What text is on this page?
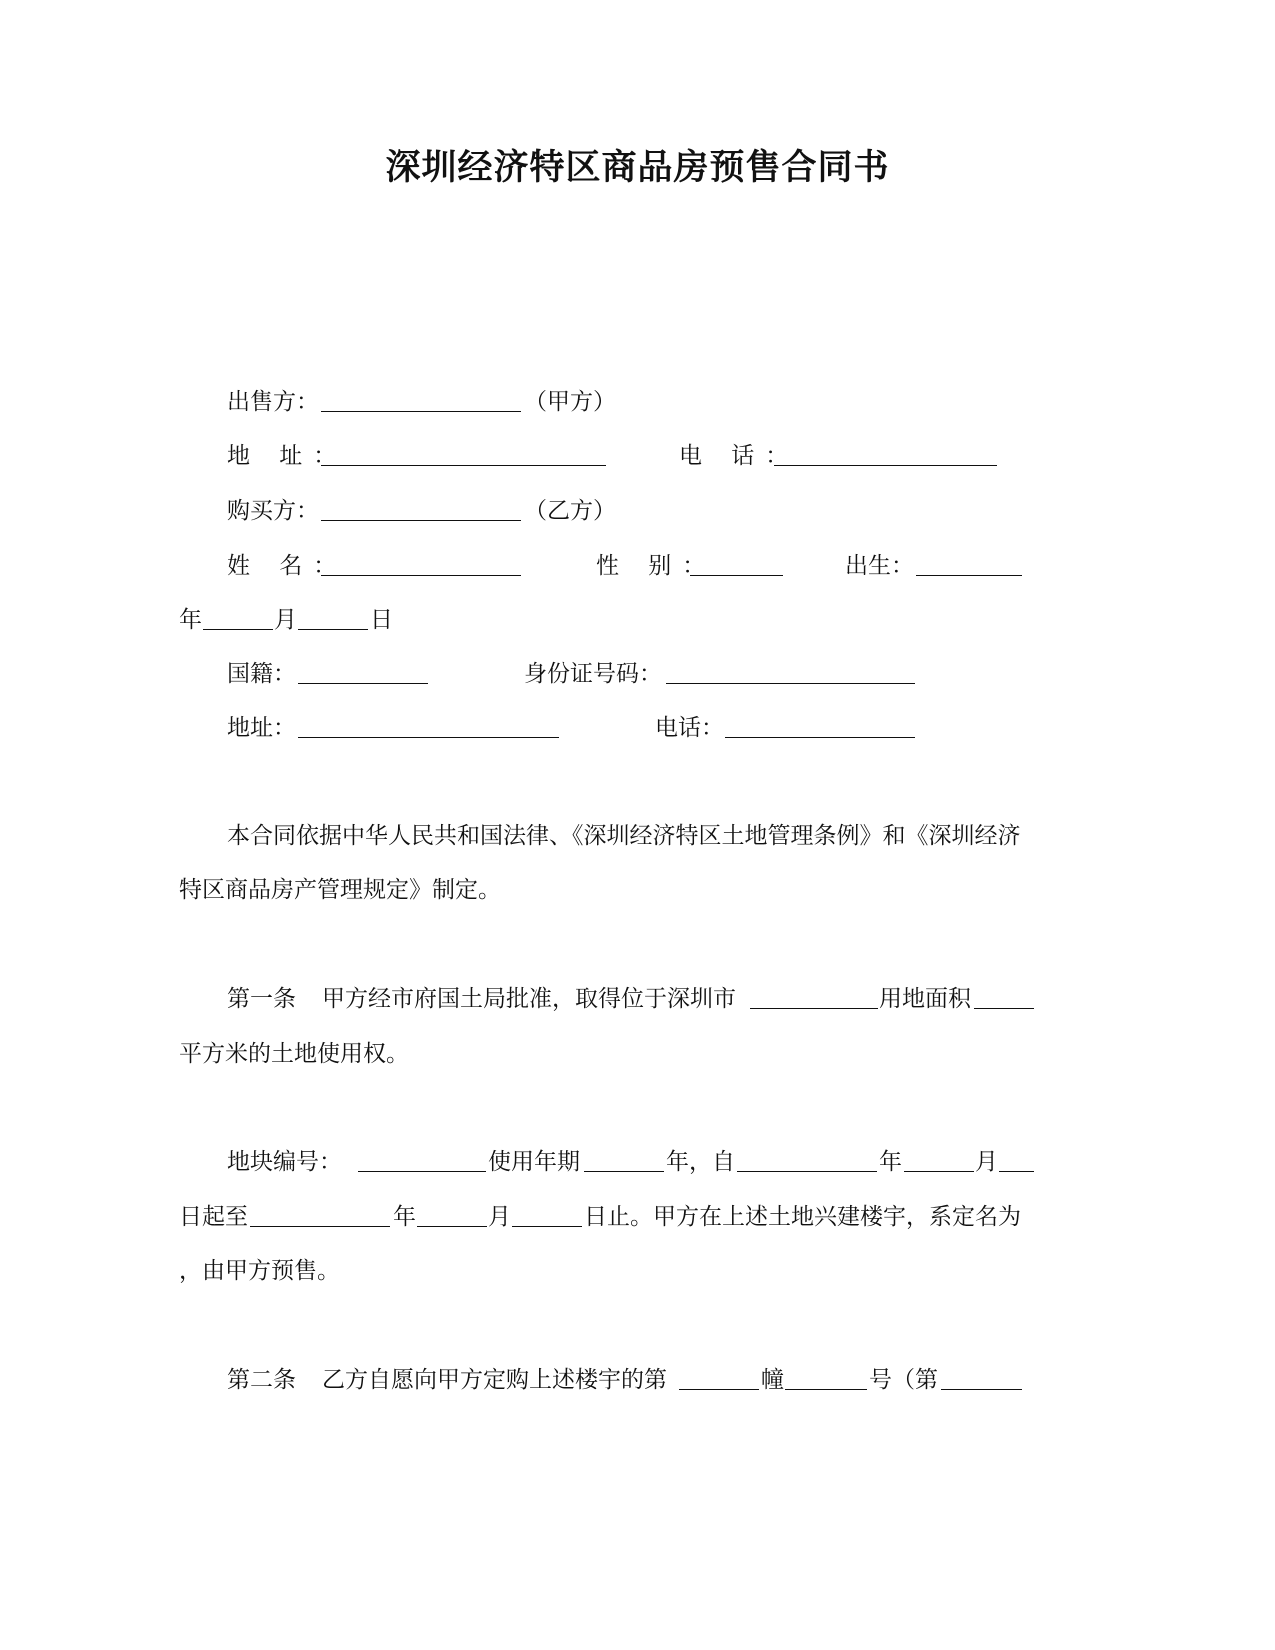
深圳经济特区商品房预售合同书
出售方：	（甲方）
地 址：	电 话：
购买方：	（乙方）
姓 名：	性 别：	出生：
年	月	日
国籍：	身份证号码：
地址：	电话：
本合同依据中华人民共和国法律、《深圳经济特区土地管理条例》和《深圳经济
特区商品房产管理规定》制定。
第一条 甲方经市府国土局批准，取得位于深圳市	用地面积
平方米的土地使用权。
地块编号：	使用年期	年，自	年	月
日起至	年	月	日止。甲方在上述土地兴建楼宇，系定名为
，由甲方预售。
第二条 乙方自愿向甲方定购上述楼宇的第	幢	号（第
